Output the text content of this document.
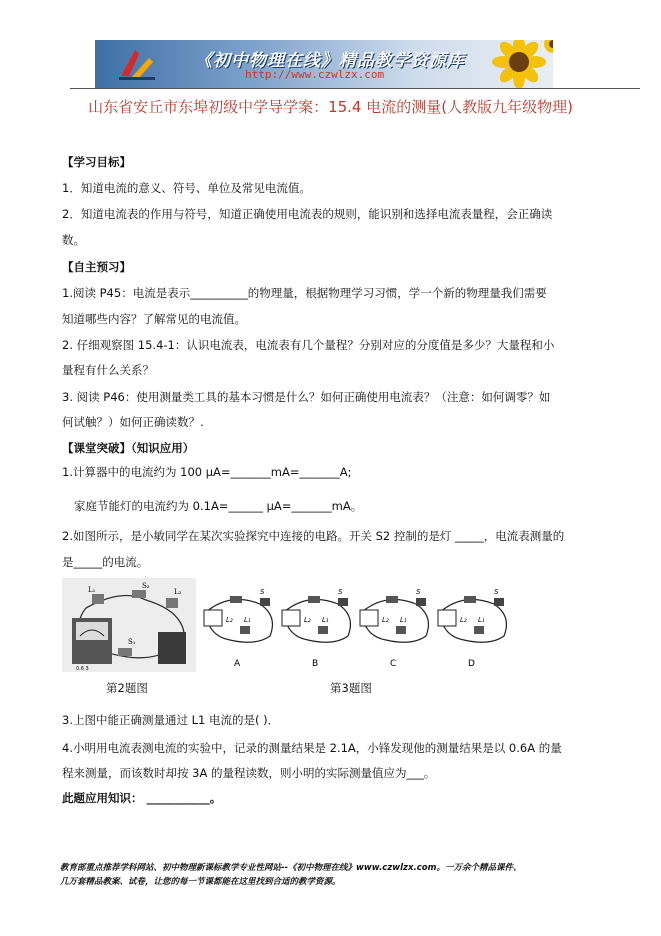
《初中物理在线》精品教学资源库
http://www.czwlzx.com
山东省安丘市东埠初级中学导学案：15.4 电流的测量(人教版九年级物理)
【学习目标】
1．知道电流的意义、符号、单位及常见电流值。
2．知道电流表的作用与符号，知道正确使用电流表的规则，能识别和选择电流表量程，会正确读
数。
【自主预习】
1.阅读 P45：电流是表示__________的物理量，根据物理学习习惯，学一个新的物理量我们需要
知道哪些内容？了解常见的电流值。
2. 仔细观察图 15.4-1：认识电流表，电流表有几个量程？分别对应的分度值是多少？大量程和小
量程有什么关系？
3. 阅读 P46：使用测量类工具的基本习惯是什么？如何正确使用电流表？（注意：如何调零？如
何试触？）如何正确读数？.
【课堂突破】（知识应用）
1.计算器中的电流约为 100 μA=_______mA=_______A;
家庭节能灯的电流约为 0.1A=______ μA=_______mA。
2.如图所示，是小敏同学在某次实验探究中连接的电路。开关 S2 控制的是灯 _____，电流表测量的
是_____的电流。
L₁	S₂
L₂
S₁
0.6 3
S
L₁
L₂
A
S
L₁
L₂
B
S
L₁
L₂
C
S
L₁
L₂
D
第2题图	第3题图
3.上图中能正确测量通过 L1 电流的是( )．
4.小明用电流表测电流的实验中，记录的测量结果是 2.1A，小锋发现他的测量结果是以 0.6A 的量
程来测量，而该数时却按 3A 的量程读数，则小明的实际测量值应为___。
此题应用知识： ___________。
教育部重点推荐学科网站、初中物理新课标教学专业性网站--《初中物理在线》www.czwlzx.com。一万余个精品课件、
几万套精品教案、试卷，让您的每一节课都能在这里找到合适的教学资源。
